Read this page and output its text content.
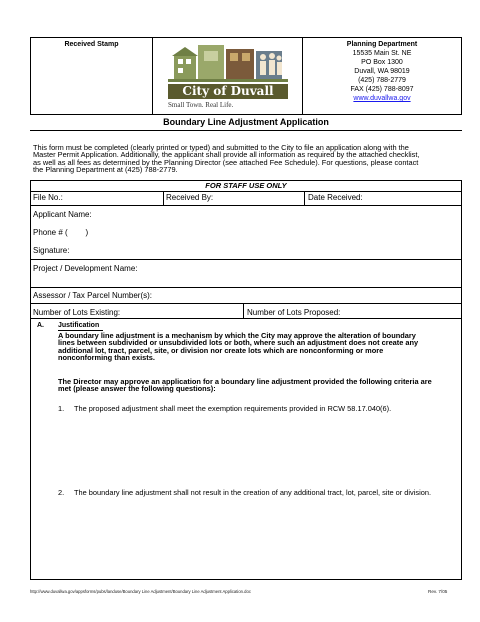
Received Stamp
City of Duvall
Small Town. Real Life.
Planning Department
15535 Main St. NE
PO Box 1300
Duvall, WA 98019
(425) 788-2779
FAX (425) 788-8097
www.duvallwa.gov
Boundary Line Adjustment Application
This form must be completed (clearly printed or typed) and submitted to the City to file an application along with the
Master Permit Application. Additionally, the applicant shall provide all information as required by the attached checklist,
as well as all fees as determined by the Planning Director (see attached Fee Schedule). For questions, please contact
the Planning Department at (425) 788-2779.
FOR STAFF USE ONLY
File No.:	Received By:	Date Received:
Applicant Name:
Phone # (        )
Signature:
Project / Development Name:
Assessor / Tax Parcel Number(s):
Number of Lots Existing:	Number of Lots Proposed:
A. Justification
A boundary line adjustment is a mechanism by which the City may approve the alteration of boundary
lines between subdivided or unsubdivided lots or both, where such an adjustment does not create any
additional lot, tract, parcel, site, or division nor create lots which are nonconforming or more
nonconforming than exists.
The Director may approve an application for a boundary line adjustment provided the following criteria are
met (please answer the following questions):
1. The proposed adjustment shall meet the exemption requirements provided in RCW 58.17.040(6).
2. The boundary line adjustment shall not result in the creation of any additional tract, lot, parcel, site or division.
http://www.duvallwa.gov/appsforms/pubs/landuse/Boundary Line Adjustment/Boundary Line Adjustment Application.doc	Rev. 7/05
